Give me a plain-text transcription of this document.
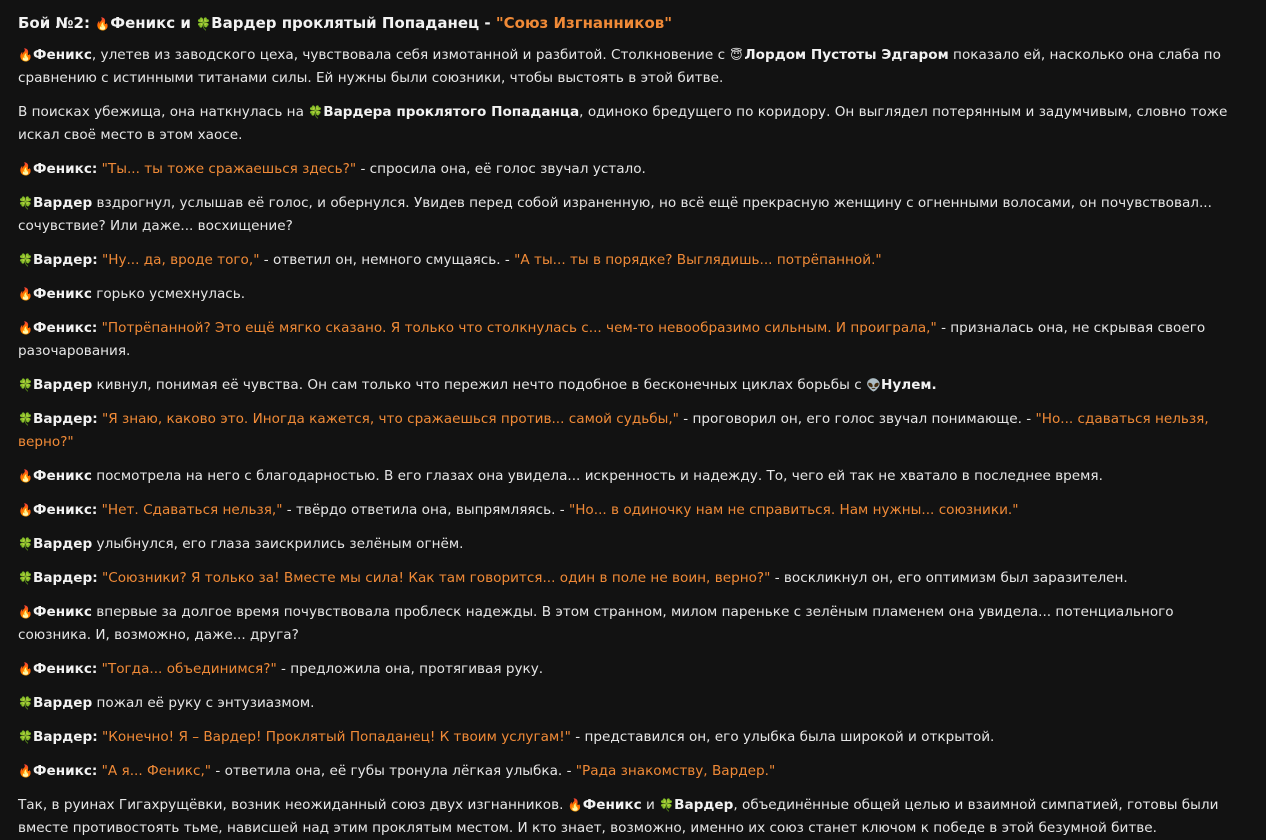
Бой №2: 🔥Феникс и 🍀Вардер проклятый Попаданец - "Союз Изгнанников"
🔥Феникс, улетев из заводского цеха, чувствовала себя измотанной и разбитой. Столкновение с 😇 Лордом Пустоты Эдгаром показало ей, насколько она слаба по сравнению с истинными титанами силы. Ей нужны были союзники, чтобы выстоять в этой битве.
В поисках убежища, она наткнулась на 🍀Вардера проклятого Попаданца, одиноко бредущего по коридору. Он выглядел потерянным и задумчивым, словно тоже искал своё место в этом хаосе.
🔥Феникс: "Ты... ты тоже сражаешься здесь?" - спросила она, её голос звучал устало.
🍀Вардер вздрогнул, услышав её голос, и обернулся. Увидев перед собой израненную, но всё ещё прекрасную женщину с огненными волосами, он почувствовал... сочувствие? Или даже... восхищение?
🍀Вардер: "Ну... да, вроде того," - ответил он, немного смущаясь. - "А ты... ты в порядке? Выглядишь... потрёпанной."
🔥Феникс горько усмехнулась.
🔥Феникс: "Потрёпанной? Это ещё мягко сказано. Я только что столкнулась с... чем-то невообразимо сильным. И проиграла," - призналась она, не скрывая своего разочарования.
🍀Вардер кивнул, понимая её чувства. Он сам только что пережил нечто подобное в бесконечных циклах борьбы с 👽Нулем.
🍀Вардер: "Я знаю, каково это. Иногда кажется, что сражаешься против... самой судьбы," - проговорил он, его голос звучал понимающе. - "Но... сдаваться нельзя, верно?"
🔥Феникс посмотрела на него с благодарностью. В его глазах она увидела... искренность и надежду. То, чего ей так не хватало в последнее время.
🔥Феникс: "Нет. Сдаваться нельзя," - твёрдо ответила она, выпрямляясь. - "Но... в одиночку нам не справиться. Нам нужны... союзники."
🍀Вардер улыбнулся, его глаза заискрились зелёным огнём.
🍀Вардер: "Союзники? Я только за! Вместе мы сила! Как там говорится... один в поле не воин, верно?" - воскликнул он, его оптимизм был заразителен.
🔥Феникс впервые за долгое время почувствовала проблеск надежды. В этом странном, милом пареньке с зелёным пламенем она увидела... потенциального союзника. И, возможно, даже... друга?
🔥Феникс: "Тогда... объединимся?" - предложила она, протягивая руку.
🍀Вардер пожал её руку с энтузиазмом.
🍀Вардер: "Конечно! Я – Вардер! Проклятый Попаданец! К твоим услугам!" - представился он, его улыбка была широкой и открытой.
🔥Феникс: "А я... Феникс," - ответила она, её губы тронула лёгкая улыбка. - "Рада знакомству, Вардер."
Так, в руинах Гигахрущёвки, возник неожиданный союз двух изгнанников. 🔥Феникс и 🍀Вардер, объединённые общей целью и взаимной симпатией, готовы были вместе противостоять тьме, нависшей над этим проклятым местом. И кто знает, возможно, именно их союз станет ключом к победе в этой безумной битве.
